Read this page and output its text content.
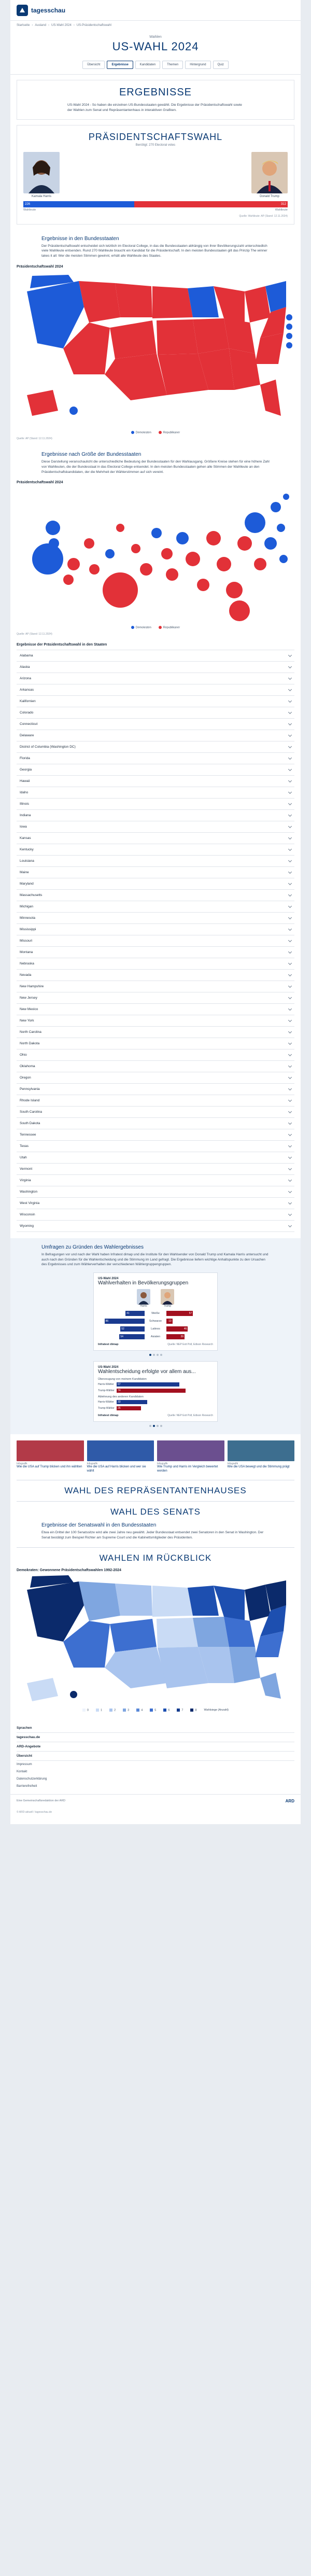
tagesschau
Startseite › Ausland › US-Wahl 2024 › US-Präsidentschaftswahl
Wahlen
US-WAHL 2024
Übersicht	Ergebnisse	Kandidaten	Themen	Hintergrund	Quiz
ERGEBNISSE

US-Wahl 2024 - So haben die einzelnen US-Bundesstaaten gewählt. Die Ergebnisse der Präsidentschaftswahl sowie der Wahlen zum Senat und Repräsentantenhaus in interaktiven Grafiken.

PRÄSIDENTSCHAFTSWAHL
Benötigt: 270 Electoral votes
Kamala Harris	Donald Trump
226	312
Wahlleute	Wahlleute
Quelle: Wahlleute: AP (Stand: 12.11.2024)
Ergebnisse in den Bundesstaaten

Der Präsidentschaftswahl entscheidet sich letztlich im Electoral College, in das die Bundesstaaten abhängig von ihrer Bevölkerungszahl unterschiedlich viele Wahlleute entsenden. Rund 270 Wahlleute braucht ein Kandidat für die Präsidentschaft. In den meisten Bundesstaaten gilt das Prinzip The winner takes it all: Wer die meisten Stimmen gewinnt, erhält alle Wahlleute des Staates.

Präsidentschaftswahl 2024
Demokraten	Republikaner
Quelle: AP (Stand: 12.11.2024)
Ergebnisse nach Größe der Bundesstaaten

Diese Darstellung veranschaulicht die unterschiedliche Bedeutung der Bundesstaaten für den Wahlausgang. Größere Kreise stehen für eine höhere Zahl von Wahlleuten, die der Bundesstaat in das Electoral College entsendet. In den meisten Bundesstaaten gehen alle Stimmen der Wahlleute an den Präsidentschaftskandidaten, der die Mehrheit der Wählerstimmen auf sich vereint.

Präsidentschaftswahl 2024
Demokraten	Republikaner
Quelle: AP (Stand: 12.11.2024)
Ergebnisse der Präsidentschaftswahl in den Staaten
Alabama
Alaska
Arizona
Arkansas
Kalifornien
Colorado
Connecticut
Delaware
District of Columbia (Washington DC)
Florida
Georgia
Hawaii
Idaho
Illinois
Indiana
Iowa
Kansas
Kentucky
Louisiana
Maine
Maryland
Massachusetts
Michigan
Minnesota
Mississippi
Missouri
Montana
Nebraska
Nevada
New Hampshire
New Jersey
New Mexico
New York
North Carolina
North Dakota
Ohio
Oklahoma
Oregon
Pennsylvania
Rhode Island
South Carolina
South Dakota
Tennessee
Texas
Utah
Vermont
Virginia
Washington
West Virginia
Wisconsin
Wyoming
Umfragen zu Gründen des Wahlergebnisses

In Befragungen vor und nach der Wahl haben Infratest dimap und die Institute für den Wahlsender von Donald Trump und Kamala Harris untersucht und auch nach den Gründen für die Wahlentscheidung und die Stimmung im Land gefragt. Die Ergebnisse liefern wichtige Anhaltspunkte zu den Ursachen des Ergebnisses und zum Wählerverhalten der verschiedenen Wählergruppengruppen.

US-Wahl 2024
Wahlverhalten in Bevölkerungsgruppen
Harris	Trump
41	Weiße	57
86	Schwarze	13
52	Latinos	46
54	Asiaten	39
Infratest dimap	Quelle: NEP Exit Poll, Edison Research
US-Wahl 2024
Wahlentscheidung erfolgte vor allem aus...
Überzeugung von meinem Kandidaten
Harris-Wähler	67
Trump-Wähler	74
Ablehnung des anderen Kandidaten
Harris-Wähler	33
Trump-Wähler	26
Infratest dimap	Quelle: NEP Exit Poll, Edison Research
Infografik
Wie die USA auf Trump blicken und ihn wählten
Infografik
Wie die USA auf Harris blicken und wer sie wählt
Infografik
Wie Trump und Harris im Vergleich bewertet werden
Infografik
Wie die USA bewegt und die Stimmung prägt
WAHL DES REPRÄSENTANTENHAUSES
WAHL DES SENATS
Ergebnisse der Senatswahl in den Bundesstaaten

Etwa ein Drittel der 100 Senatssitze wird alle zwei Jahre neu gewählt. Jeder Bundesstaat entsendet zwei Senatoren in den Senat in Washington. Der Senat bestätigt zum Beispiel Richter am Supreme Court und die Kabinettsmitglieder des Präsidenten.

WAHLEN IM RÜCKBLICK
Demokraten: Gewonnene Präsidentschaftswahlen 1992-2024
0	1	2	3	4	5	6	7	8	Wahlsiege (Anzahl)
Sprachen
tagesschau.de
ARD-Angebote
Übersicht
Impressum
Kontakt
Datenschutzerklärung
Barrierefreiheit
Eine Gemeinschaftsredaktion der ARD	ARD
© ARD-aktuell / tagesschau.de
